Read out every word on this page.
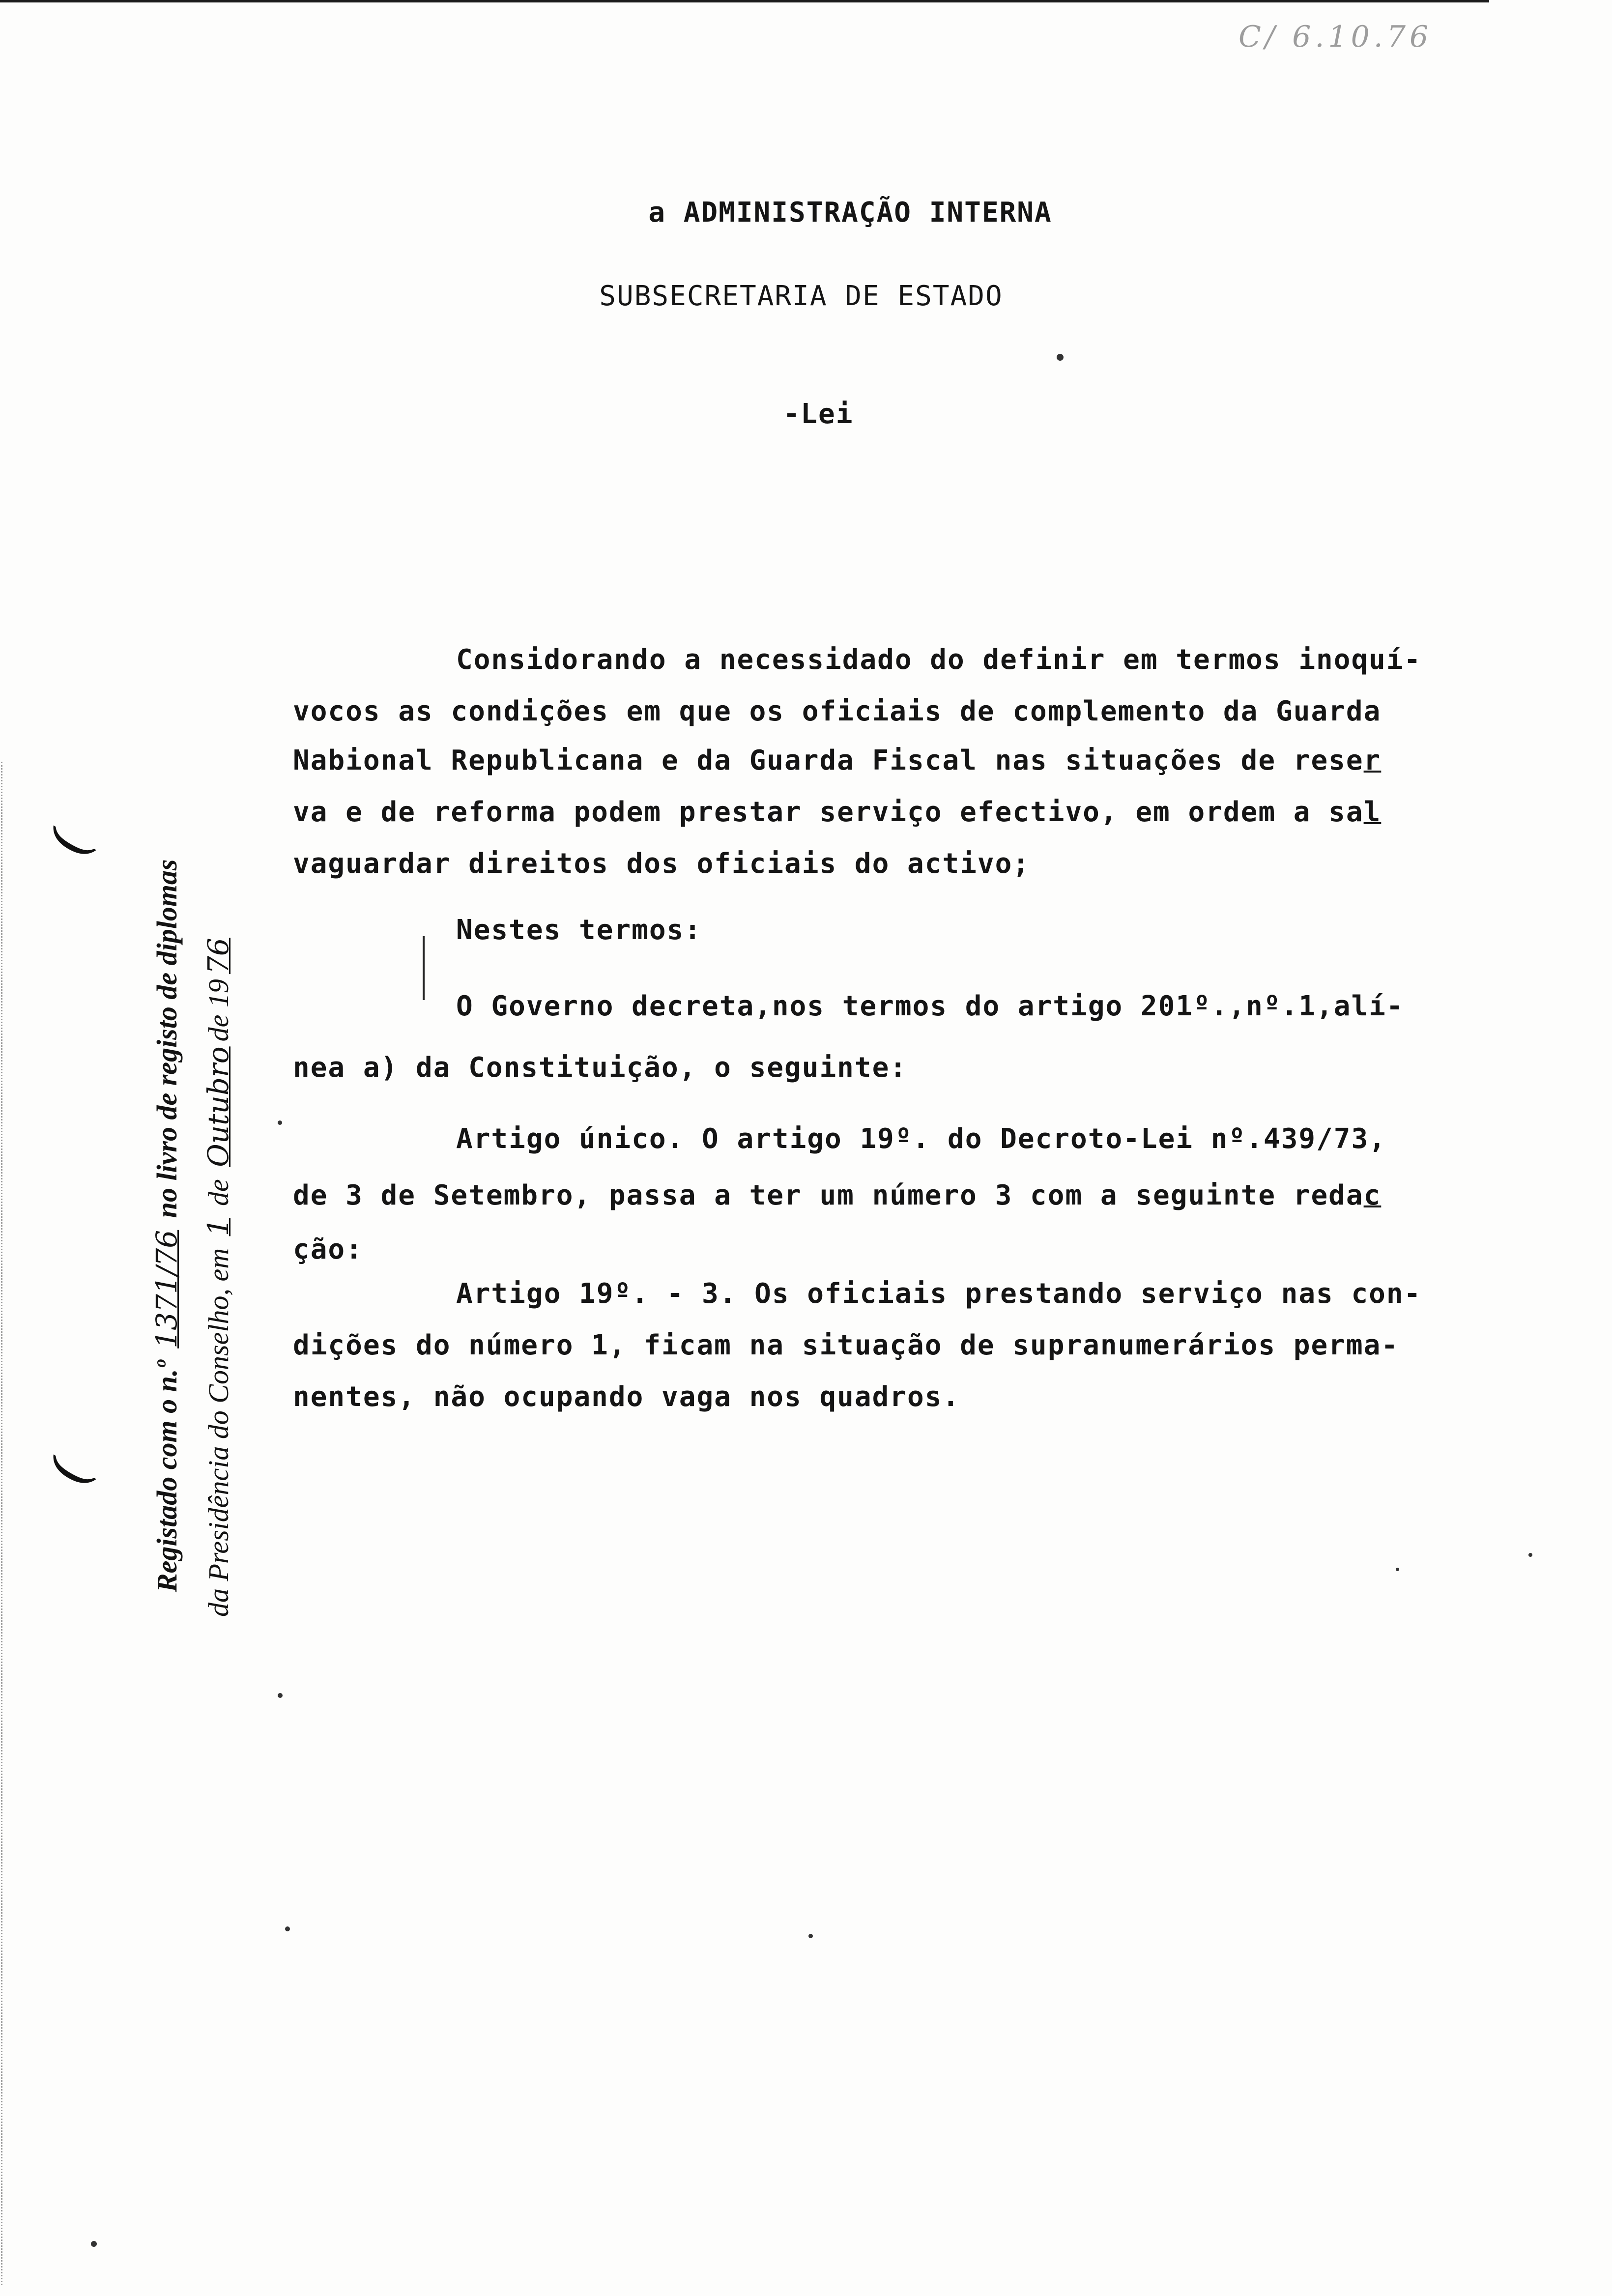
C/ 6.10.76
a ADMINISTRAÇÃO INTERNA
SUBSECRETARIA DE ESTADO
-Lei
Considorando a necessidado do definir em termos inoquí-
vocos as condições em que os oficiais de complemento da Guarda
Nabional Republicana e da Guarda Fiscal nas situações de reser
va e de reforma podem prestar serviço efectivo, em ordem a sal
vaguardar direitos dos oficiais do activo;
Nestes termos:
O Governo decreta,nos termos do artigo 201º.,nº.1,alí-
nea a) da Constituição, o seguinte:
Artigo único. O artigo 19º. do Decroto-Lei nº.439/73,
de 3 de Setembro, passa a ter um número 3 com a seguinte redac
ção:
Artigo 19º. - 3. Os oficiais prestando serviço nas con-
dições do número 1, ficam na situação de supranumerários perma-
nentes, não ocupando vaga nos quadros.
Registado com o n.º 1371/76 no livro de registo de diplomas
da Presidência do Conselho, em 1 de Outubrode 1976
(
(
